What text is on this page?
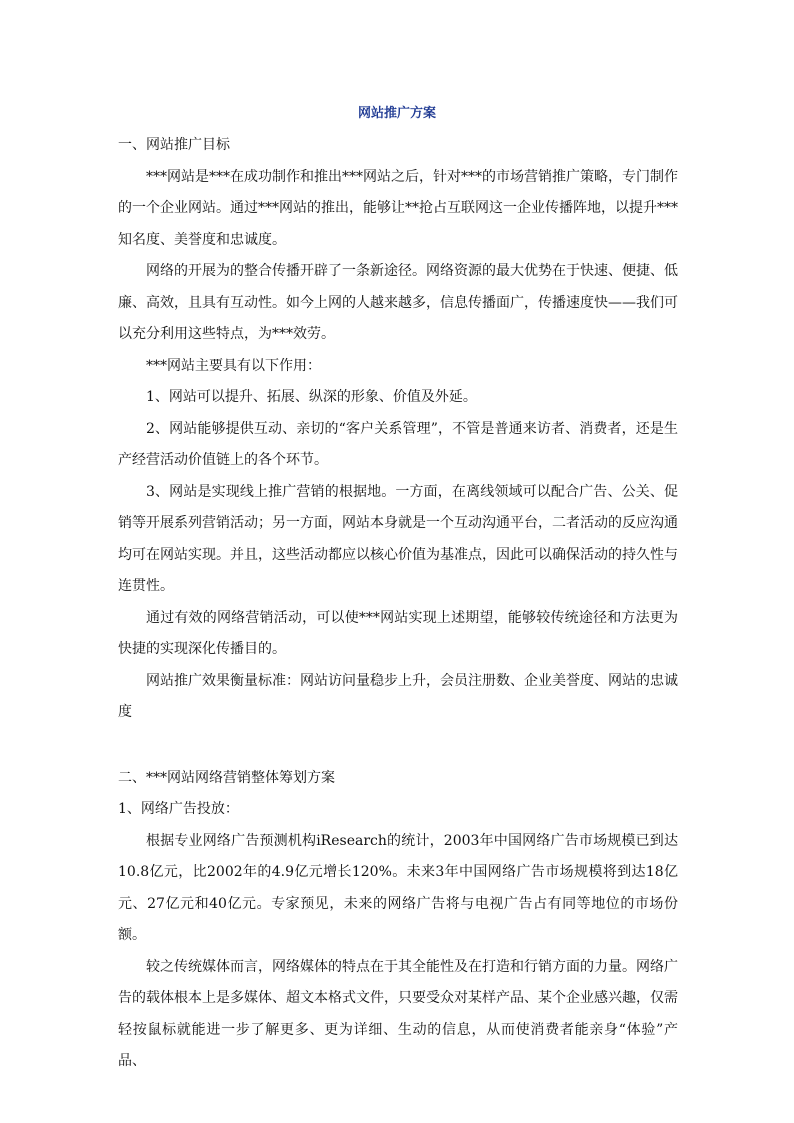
网站推广方案

一、网站推广目标

***网站是***在成功制作和推出***网站之后，针对***的市场营销推广策略，专门制作的一个企业网站。通过***网站的推出，能够让**抢占互联网这一企业传播阵地，以提升***知名度、美誉度和忠诚度。

网络的开展为的整合传播开辟了一条新途径。网络资源的最大优势在于快速、便捷、低廉、高效，且具有互动性。如今上网的人越来越多，信息传播面广，传播速度快——我们可以充分利用这些特点，为***效劳。

***网站主要具有以下作用：

1、网站可以提升、拓展、纵深的形象、价值及外延。

2、网站能够提供互动、亲切的“客户关系管理”，不管是普通来访者、消费者，还是生产经营活动价值链上的各个环节。

3、网站是实现线上推广营销的根据地。一方面，在离线领域可以配合广告、公关、促销等开展系列营销活动；另一方面，网站本身就是一个互动沟通平台，二者活动的反应沟通均可在网站实现。并且，这些活动都应以核心价值为基准点，因此可以确保活动的持久性与连贯性。

通过有效的网络营销活动，可以使***网站实现上述期望，能够较传统途径和方法更为快捷的实现深化传播目的。

网站推广效果衡量标准：网站访问量稳步上升，会员注册数、企业美誉度、网站的忠诚度

二、***网站网络营销整体筹划方案

1、网络广告投放：

根据专业网络广告预测机构iResearch的统计，2003年中国网络广告市场规模已到达10.8亿元，比2002年的4.9亿元增长120%。未来3年中国网络广告市场规模将到达18亿元、27亿元和40亿元。专家预见，未来的网络广告将与电视广告占有同等地位的市场份额。

较之传统媒体而言，网络媒体的特点在于其全能性及在打造和行销方面的力量。网络广告的载体根本上是多媒体、超文本格式文件，只要受众对某样产品、某个企业感兴趣，仅需轻按鼠标就能进一步了解更多、更为详细、生动的信息，从而使消费者能亲身“体验”产品、
